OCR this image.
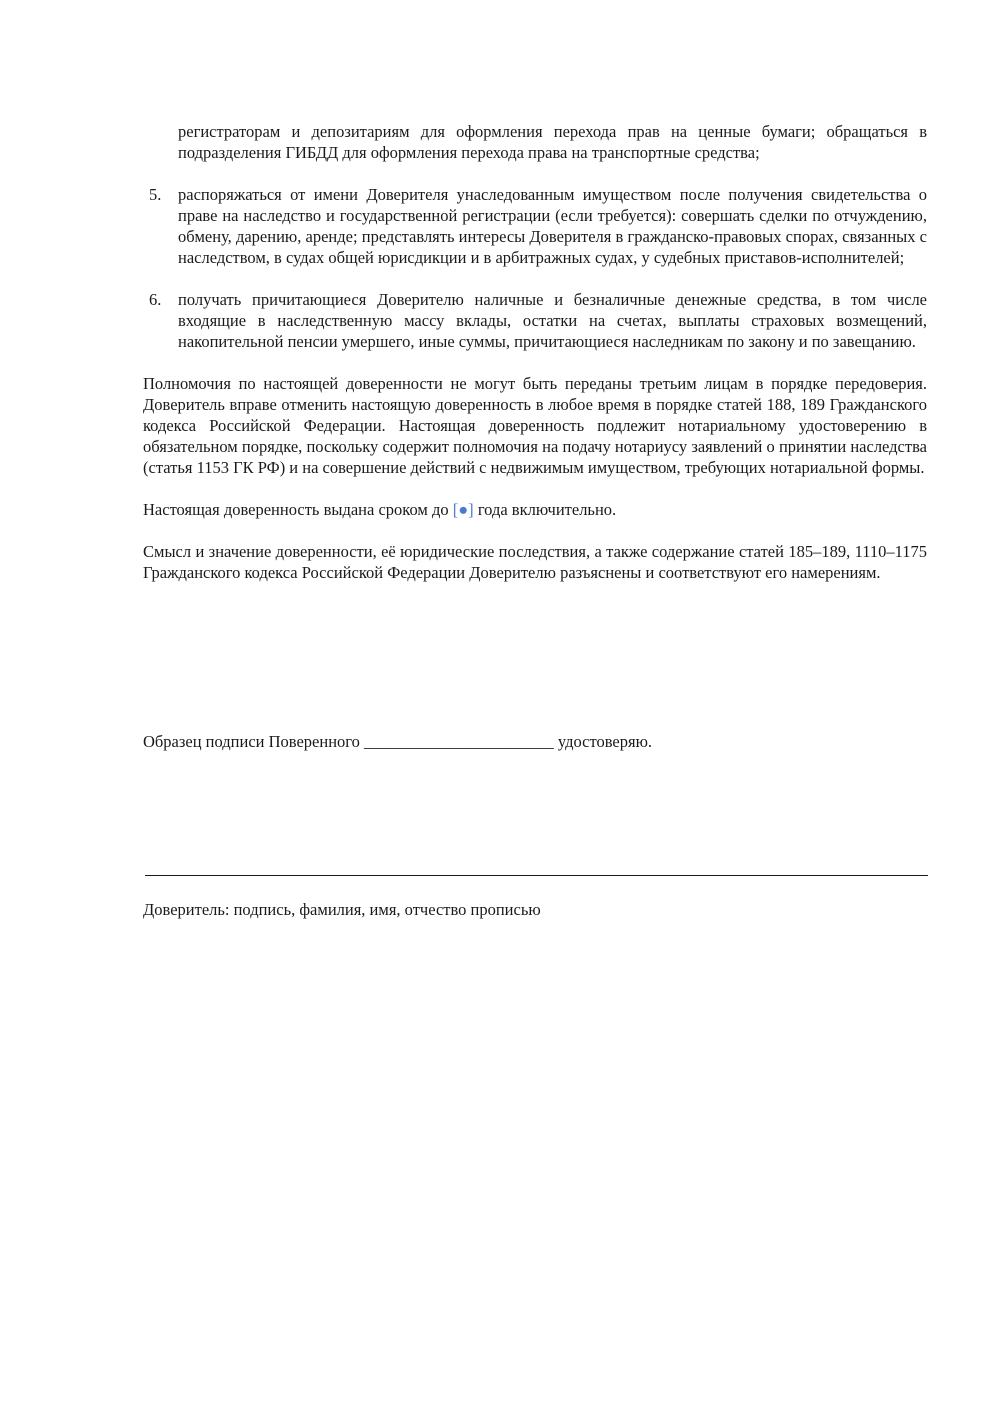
регистраторам и депозитариям для оформления перехода прав на ценные бумаги; обращаться в подразделения ГИБДД для оформления перехода права на транспортные средства;

5.	распоряжаться от имени Доверителя унаследованным имуществом после получения свидетельства о праве на наследство и государственной регистрации (если требуется): совершать сделки по отчуждению, обмену, дарению, аренде; представлять интересы Доверителя в гражданско-правовых спорах, связанных с наследством, в судах общей юрисдикции и в арбитражных судах, у судебных приставов-исполнителей;

6.	получать причитающиеся Доверителю наличные и безналичные денежные средства, в том числе входящие в наследственную массу вклады, остатки на счетах, выплаты страховых возмещений, накопительной пенсии умершего, иные суммы, причитающиеся наследникам по закону и по завещанию.

Полномочия по настоящей доверенности не могут быть переданы третьим лицам в порядке передоверия. Доверитель вправе отменить настоящую доверенность в любое время в порядке статей 188, 189 Гражданского кодекса Российской Федерации. Настоящая доверенность подлежит нотариальному удостоверению в обязательном порядке, поскольку содержит полномочия на подачу нотариусу заявлений о принятии наследства (статья 1153 ГК РФ) и на совершение действий с недвижимым имуществом, требующих нотариальной формы.

Настоящая доверенность выдана сроком до [●] года включительно.

Смысл и значение доверенности, её юридические последствия, а также содержание статей 185–189, 1110–1175 Гражданского кодекса Российской Федерации Доверителю разъяснены и соответствуют его намерениям.

Образец подписи Поверенного _______________________ удостоверяю.

Доверитель: подпись, фамилия, имя, отчество прописью
